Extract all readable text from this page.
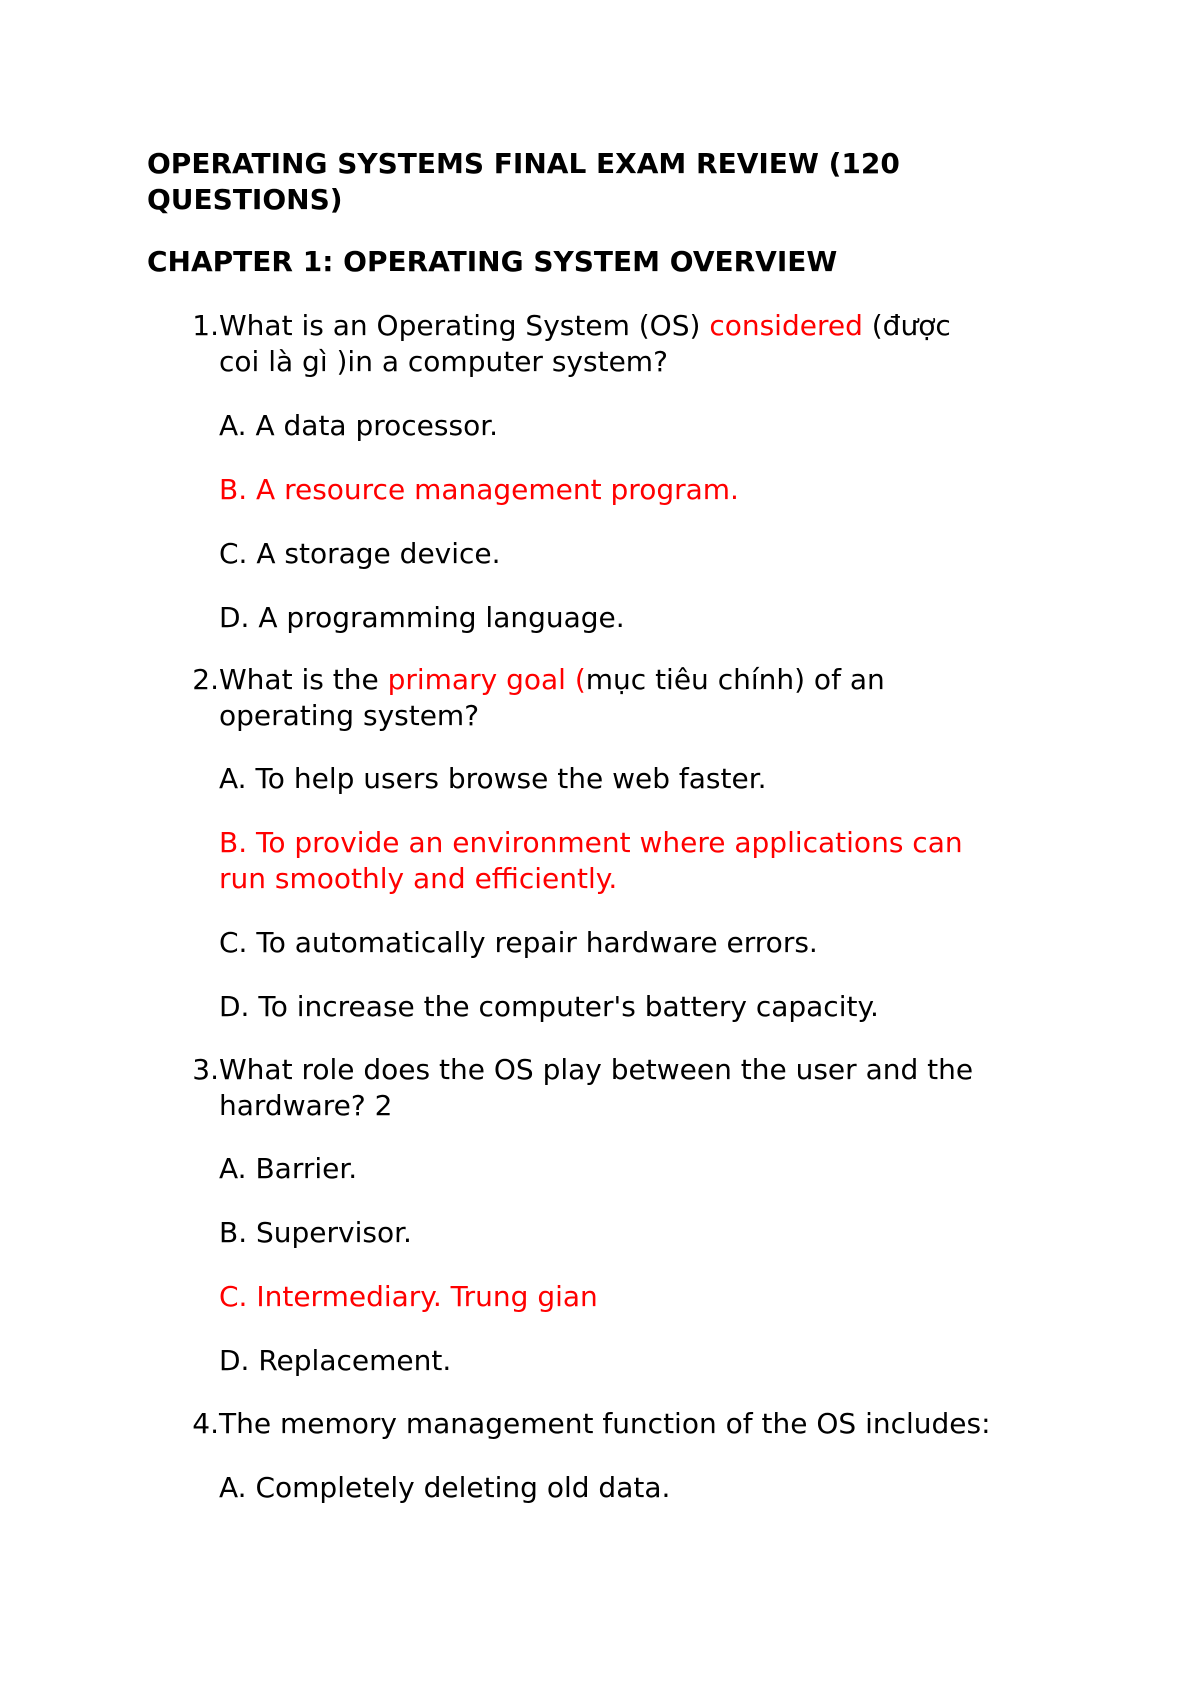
OPERATING SYSTEMS FINAL EXAM REVIEW (120
QUESTIONS)
CHAPTER 1: OPERATING SYSTEM OVERVIEW
1.What is an Operating System (OS) considered (được
coi là gì )in a computer system?
A. A data processor.
B. A resource management program.
C. A storage device.
D. A programming language.
2.What is the primary goal (mục tiêu chính) of an
operating system?
A. To help users browse the web faster.
B. To provide an environment where applications can
run smoothly and efficiently.
C. To automatically repair hardware errors.
D. To increase the computer's battery capacity.
3.What role does the OS play between the user and the
hardware? 2
A. Barrier.
B. Supervisor.
C. Intermediary. Trung gian
D. Replacement.
4.The memory management function of the OS includes:
A. Completely deleting old data.
